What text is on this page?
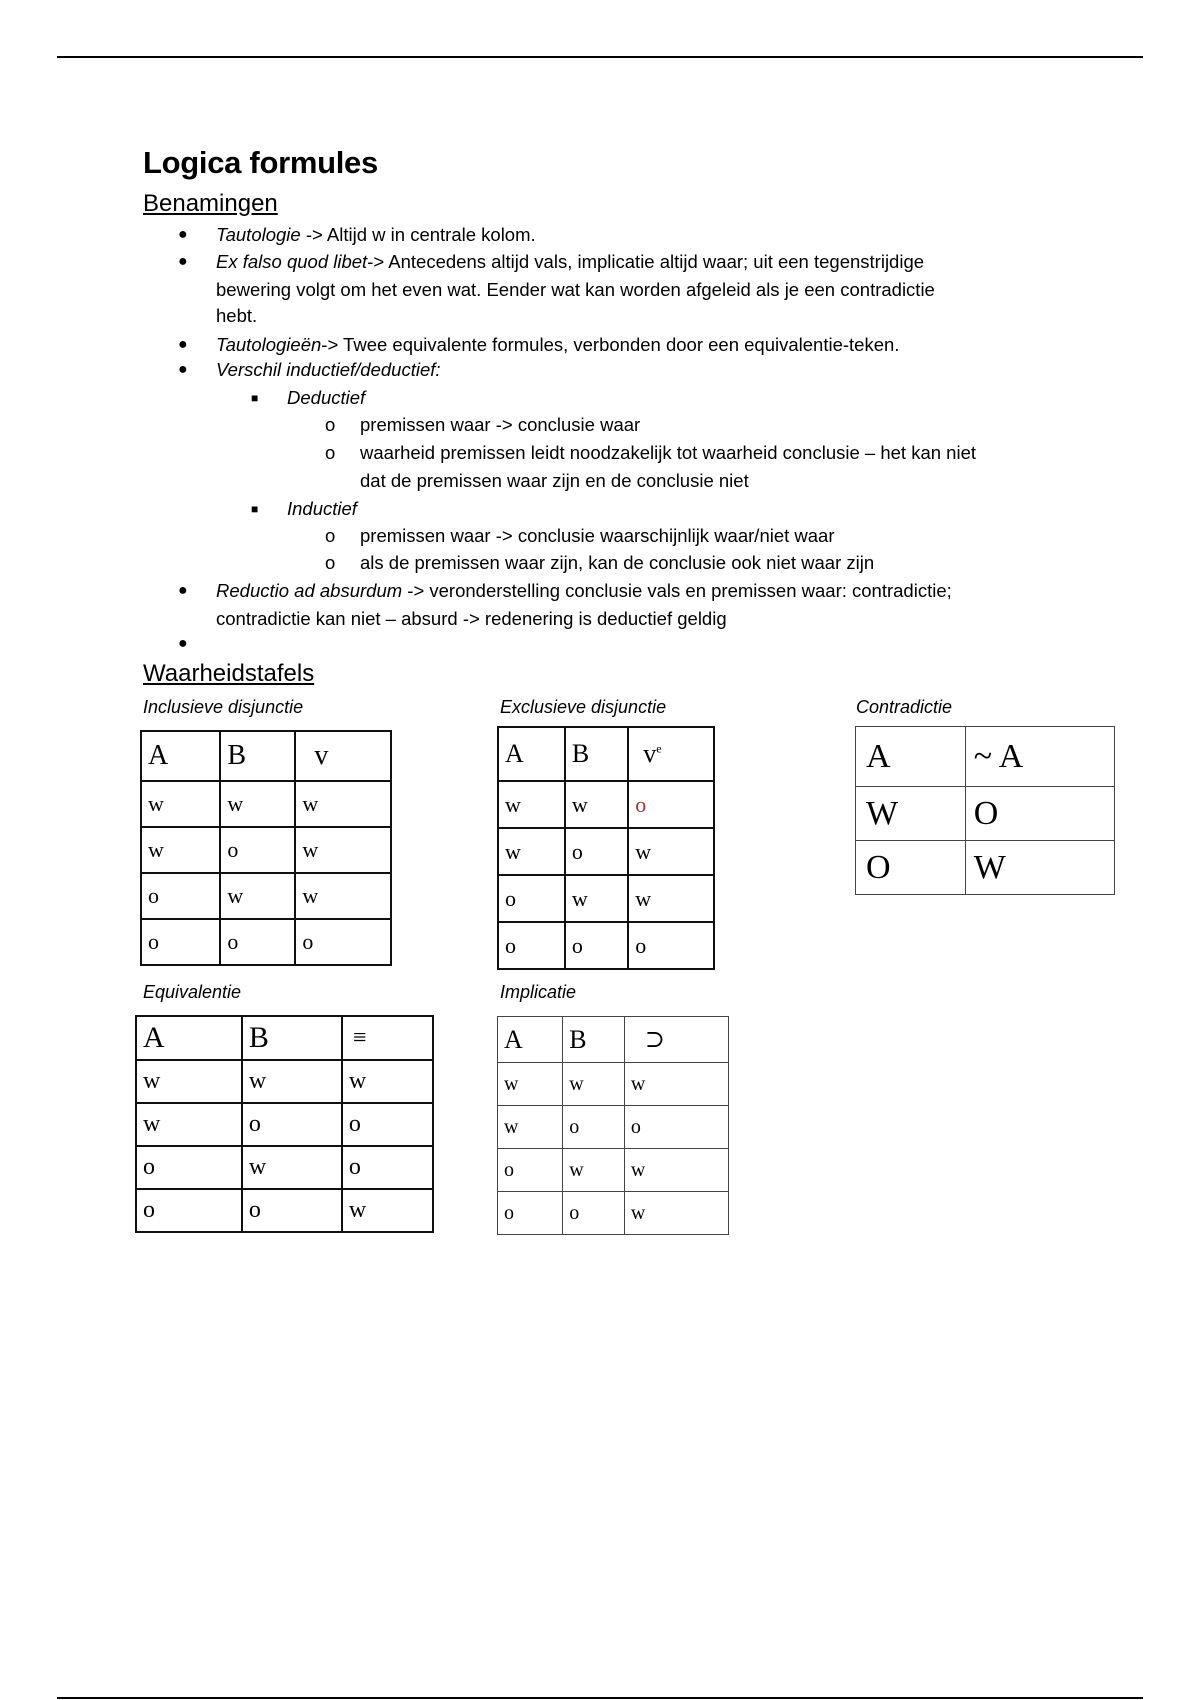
Logica formules
Benamingen
● Tautologie -> Altijd w in centrale kolom.
● Ex falso quod libet-> Antecedens altijd vals, implicatie altijd waar; uit een tegenstrijdige
bewering volgt om het even wat. Eender wat kan worden afgeleid als je een contradictie
hebt.
● Tautologieën-> Twee equivalente formules, verbonden door een equivalentie-teken.
● Verschil inductief/deductief:
■ Deductief
o premissen waar -> conclusie waar
o waarheid premissen leidt noodzakelijk tot waarheid conclusie – het kan niet
dat de premissen waar zijn en de conclusie niet
■ Inductief
o premissen waar -> conclusie waarschijnlijk waar/niet waar
o als de premissen waar zijn, kan de conclusie ook niet waar zijn
● Reductio ad absurdum -> veronderstelling conclusie vals en premissen waar: contradictie;
contradictie kan niet – absurd -> redenering is deductief geldig
●
Waarheidstafels
Inclusieve disjunctie	Exclusieve disjunctie	Contradictie
Equivalentie	Implicatie
A	B	v
w	w	w
w	o	w
o	w	w
o	o	o
A	B	$v^e$
w	w	o
w	o	w
o	w	w
o	o	o
A	~ A
W	O
O	W
A	B	≡
w	w	w
w	o	o
o	w	o
o	o	w
A	B	⊃
w	w	w
w	o	o
o	w	w
o	o	w
